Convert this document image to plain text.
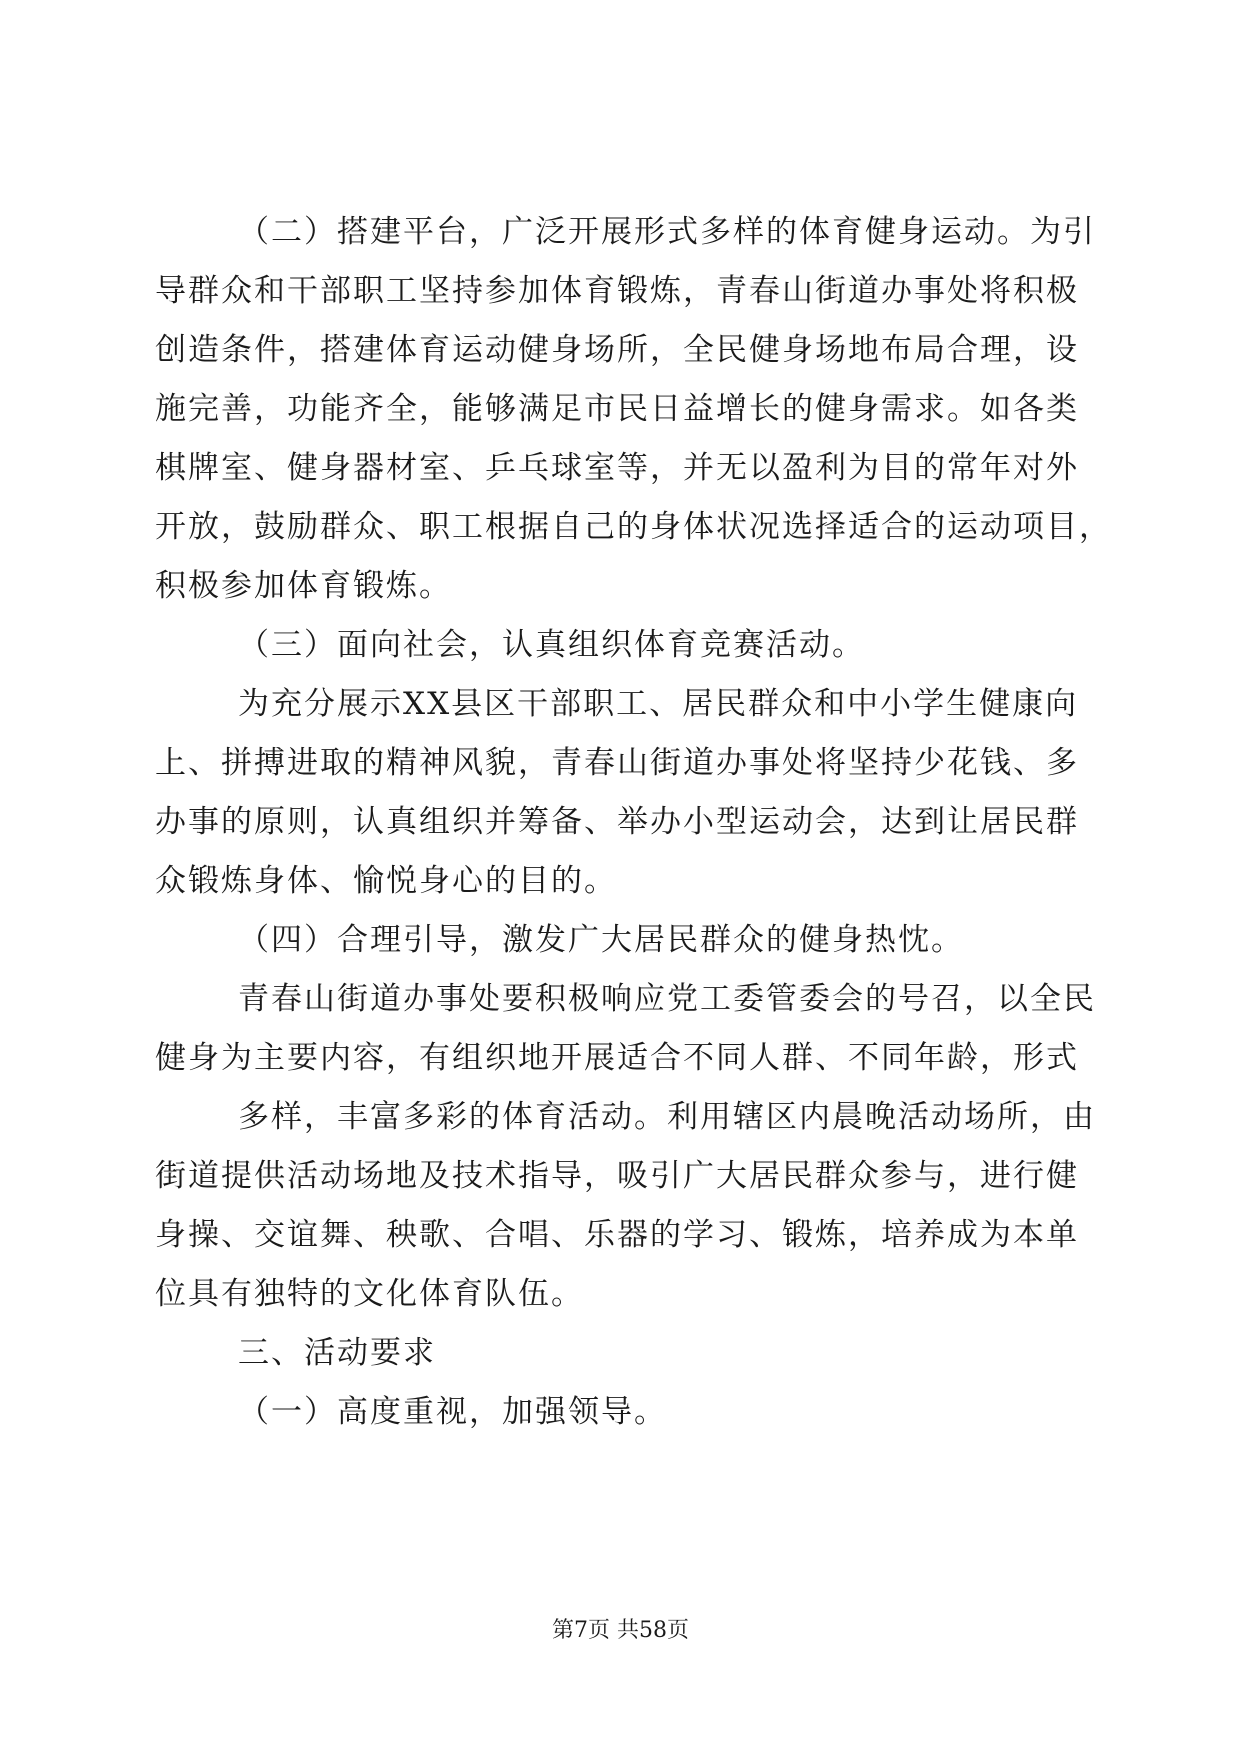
（二）搭建平台，广泛开展形式多样的体育健身运动。为引
导群众和干部职工坚持参加体育锻炼，青春山街道办事处将积极
创造条件，搭建体育运动健身场所，全民健身场地布局合理，设
施完善，功能齐全，能够满足市民日益增长的健身需求。如各类
棋牌室、健身器材室、乒乓球室等，并无以盈利为目的常年对外
开放，鼓励群众、职工根据自己的身体状况选择适合的运动项目，
积极参加体育锻炼。
（三）面向社会，认真组织体育竞赛活动。
为充分展示XX县区干部职工、居民群众和中小学生健康向
上、拼搏进取的精神风貌，青春山街道办事处将坚持少花钱、多
办事的原则，认真组织并筹备、举办小型运动会，达到让居民群
众锻炼身体、愉悦身心的目的。
（四）合理引导，激发广大居民群众的健身热忱。
青春山街道办事处要积极响应党工委管委会的号召，以全民
健身为主要内容，有组织地开展适合不同人群、不同年龄，形式
多样，丰富多彩的体育活动。利用辖区内晨晚活动场所，由
街道提供活动场地及技术指导，吸引广大居民群众参与，进行健
身操、交谊舞、秧歌、合唱、乐器的学习、锻炼，培养成为本单
位具有独特的文化体育队伍。
三、活动要求
（一）高度重视，加强领导。
第7页 共58页
